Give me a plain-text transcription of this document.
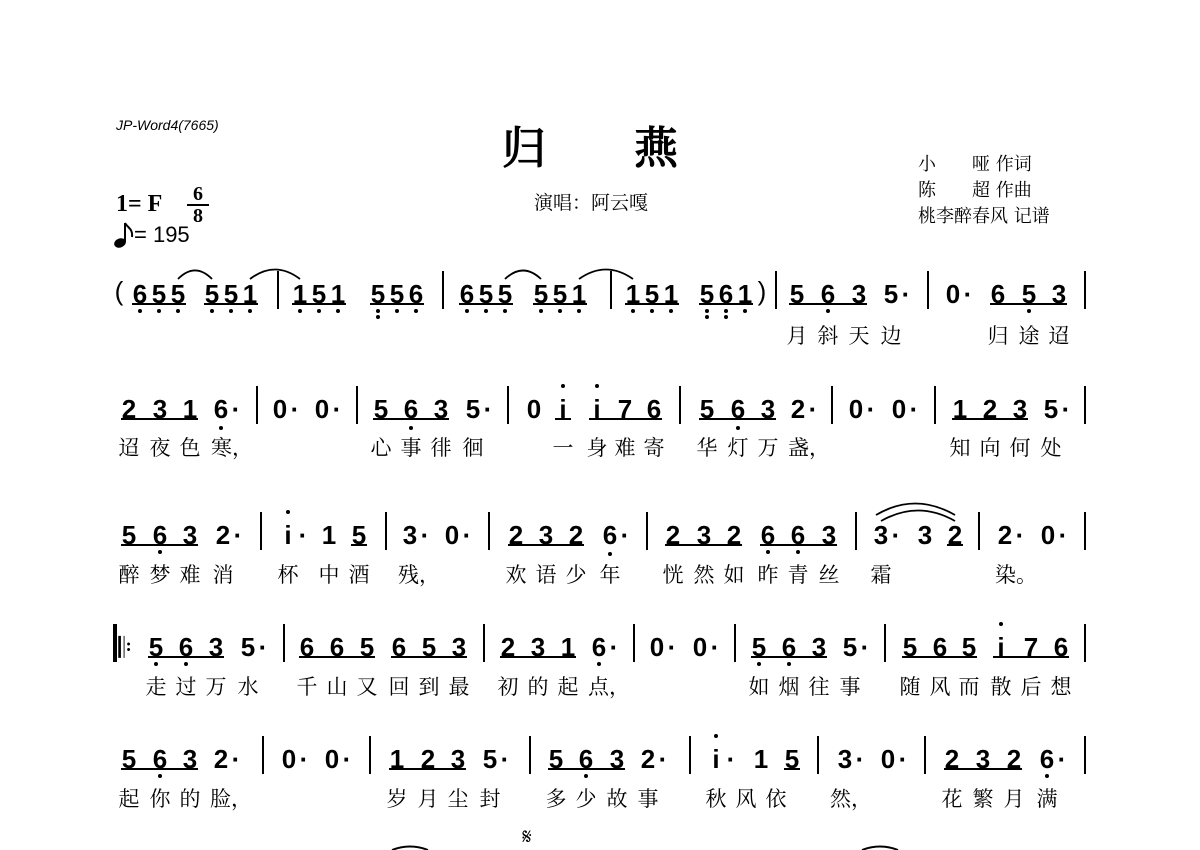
JP-Word4(7665)	归燕
演唱：阿云嘎
小　　哑 作词
陈　　超 作曲
桃李醉春风 记谱
1= F	6
8
= 195
𝄋
( 6 5 5 5 5 1 1 5 1 5 5 6 6 5 5 5 5 1 1 5 1 5 6 1 ) 5 6 3 5 · 0 · 6 5 3
月 斜 天 边	归 途 迢
2 3 1 6 · 0 · 0 · 5 6 3 5 · 0 i i 7 6 5 6 3 2 · 0 · 0 · 1 2 3 5 ·
迢 夜 色 寒，	心 事 徘 徊	一 身 难 寄 华 灯 万 盏，	知 向 何 处
5 6 3 2 · i · 1 5 3 · 0 · 2 3 2 6 · 2 3 2 6 6 3 3 · 3 2 2 · 0 ·
醉 梦 难 消 杯 中 酒 残，	欢 语 少 年 恍 然 如 昨 青 丝 霜	染。
𝄆 5 6 3 5 · 6 6 5 6 5 3 2 3 1 6 · 0 · 0 · 5 6 3 5 · 5 6 5 i 7 6
走 过 万 水 千 山 又 回 到 最 初 的 起 点，	如 烟 往 事 随 风 而 散 后 想
5 6 3 2 · 0 · 0 · 1 2 3 5 · 5 6 3 2 · i · 1 5 3 · 0 · 2 3 2 6 ·
起 你 的 脸，	岁 月 尘 封 多 少 故 事 秋 风 依 然，	花 繁 月 满
